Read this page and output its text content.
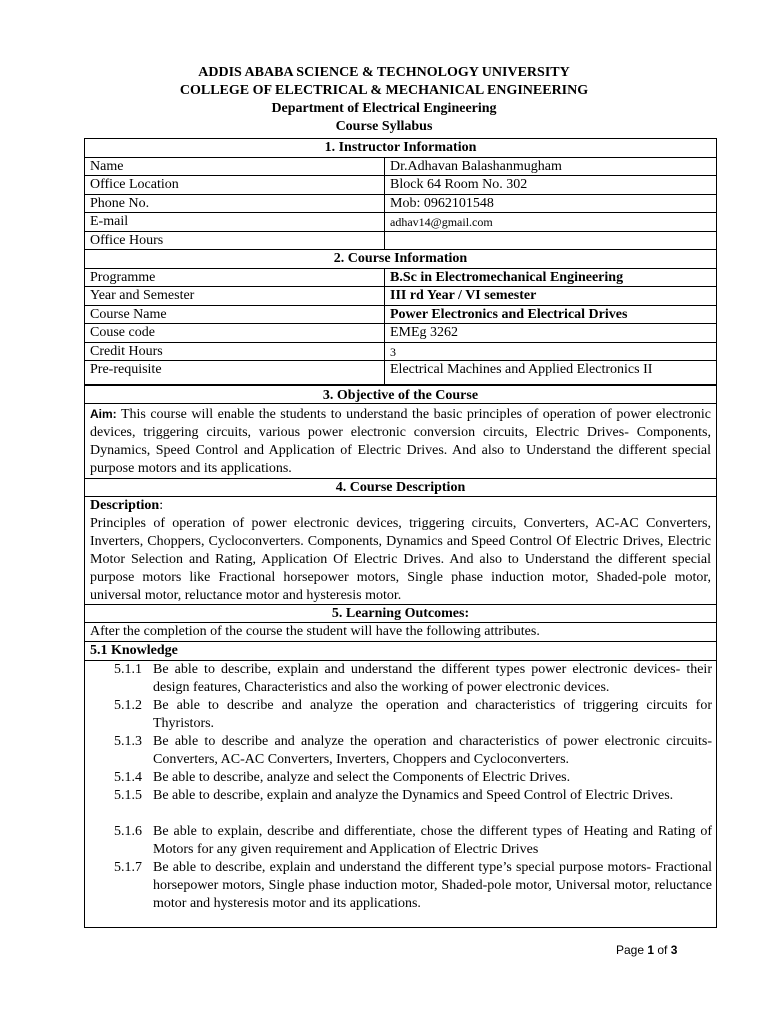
ADDIS ABABA SCIENCE & TECHNOLOGY UNIVERSITY
COLLEGE OF ELECTRICAL & MECHANICAL ENGINEERING
Department of Electrical Engineering
Course Syllabus
1. Instructor Information
Name	Dr.Adhavan Balashanmugham
Office Location	Block 64 Room No. 302
Phone No.	Mob: 0962101548
E-mail	adhav14@gmail.com
Office Hours
2. Course Information
Programme	B.Sc in Electromechanical Engineering
Year and Semester	III rd Year / VI semester
Course Name	Power Electronics and Electrical Drives
Couse code	EMEg 3262
Credit Hours	3
Pre-requisite	Electrical Machines and Applied Electronics II
3. Objective of the Course
Aim: This course will enable the students to understand the basic principles of operation of power electronic devices, triggering circuits, various power electronic conversion circuits, Electric Drives- Components, Dynamics, Speed Control and Application of Electric Drives. And also to Understand the different special purpose motors and its applications.
4. Course Description
Description:
Principles of operation of power electronic devices, triggering circuits, Converters, AC-AC Converters, Inverters, Choppers, Cycloconverters. Components, Dynamics and Speed Control Of Electric Drives, Electric Motor Selection and Rating, Application Of Electric Drives. And also to Understand the different special purpose motors like Fractional horsepower motors, Single phase induction motor, Shaded-pole motor, universal motor, reluctance motor and hysteresis motor.
5. Learning Outcomes:
After the completion of the course the student will have the following attributes.
5.1 Knowledge
5.1.1 Be able to describe, explain and understand the different types power electronic devices- their design features, Characteristics and also the working of power electronic devices.
5.1.2 Be able to describe and analyze the operation and characteristics of triggering circuits for Thyristors.
5.1.3 Be able to describe and analyze the operation and characteristics of power electronic circuits- Converters, AC-AC Converters, Inverters, Choppers and Cycloconverters.
5.1.4 Be able to describe, analyze and select the Components of Electric Drives.
5.1.5 Be able to describe, explain and analyze the Dynamics and Speed Control of Electric Drives.
5.1.6 Be able to explain, describe and differentiate, chose the different types of Heating and Rating of Motors for any given requirement and Application of Electric Drives
5.1.7 Be able to describe, explain and understand the different type’s special purpose motors- Fractional horsepower motors, Single phase induction motor, Shaded-pole motor, Universal motor, reluctance motor and hysteresis motor and its applications.
Page 1 of 3
